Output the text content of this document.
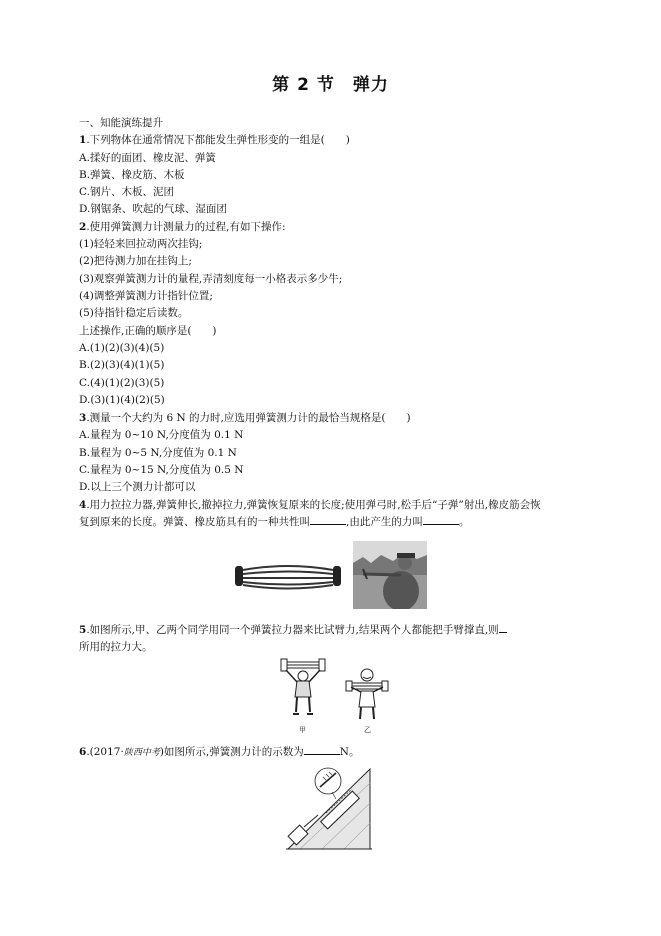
第 2 节　弹力
一、知能演练提升
1.下列物体在通常情况下都能发生弹性形变的一组是(　　)
A.揉好的面团、橡皮泥、弹簧
B.弹簧、橡皮筋、木板
C.钢片、木板、泥团
D.钢锯条、吹起的气球、湿面团
2.使用弹簧测力计测量力的过程,有如下操作:
(1)轻轻来回拉动两次挂钩;
(2)把待测力加在挂钩上;
(3)观察弹簧测力计的量程,弄清刻度每一小格表示多少牛;
(4)调整弹簧测力计指针位置;
(5)待指针稳定后读数。
上述操作,正确的顺序是(　　)
A.(1)(2)(3)(4)(5)
B.(2)(3)(4)(1)(5)
C.(4)(1)(2)(3)(5)
D.(3)(1)(4)(2)(5)
3.测量一个大约为 6 N 的力时,应选用弹簧测力计的最恰当规格是(　　)
A.量程为 0~10 N,分度值为 0.1 N
B.量程为 0~5 N,分度值为 0.1 N
C.量程为 0~15 N,分度值为 0.5 N
D.以上三个测力计都可以
4.用力拉拉力器,弹簧伸长,撤掉拉力,弹簧恢复原来的长度;使用弹弓时,松手后“子弹”射出,橡皮筋会恢
复到原来的长度。弹簧、橡皮筋具有的一种共性叫	,由此产生的力叫	。
5.如图所示,甲、乙两个同学用同一个弹簧拉力器来比试臂力,结果两个人都能把手臂撑直,则
所用的拉力大。
甲	乙
6.(2017·陕西中考)如图所示,弹簧测力计的示数为	N。
